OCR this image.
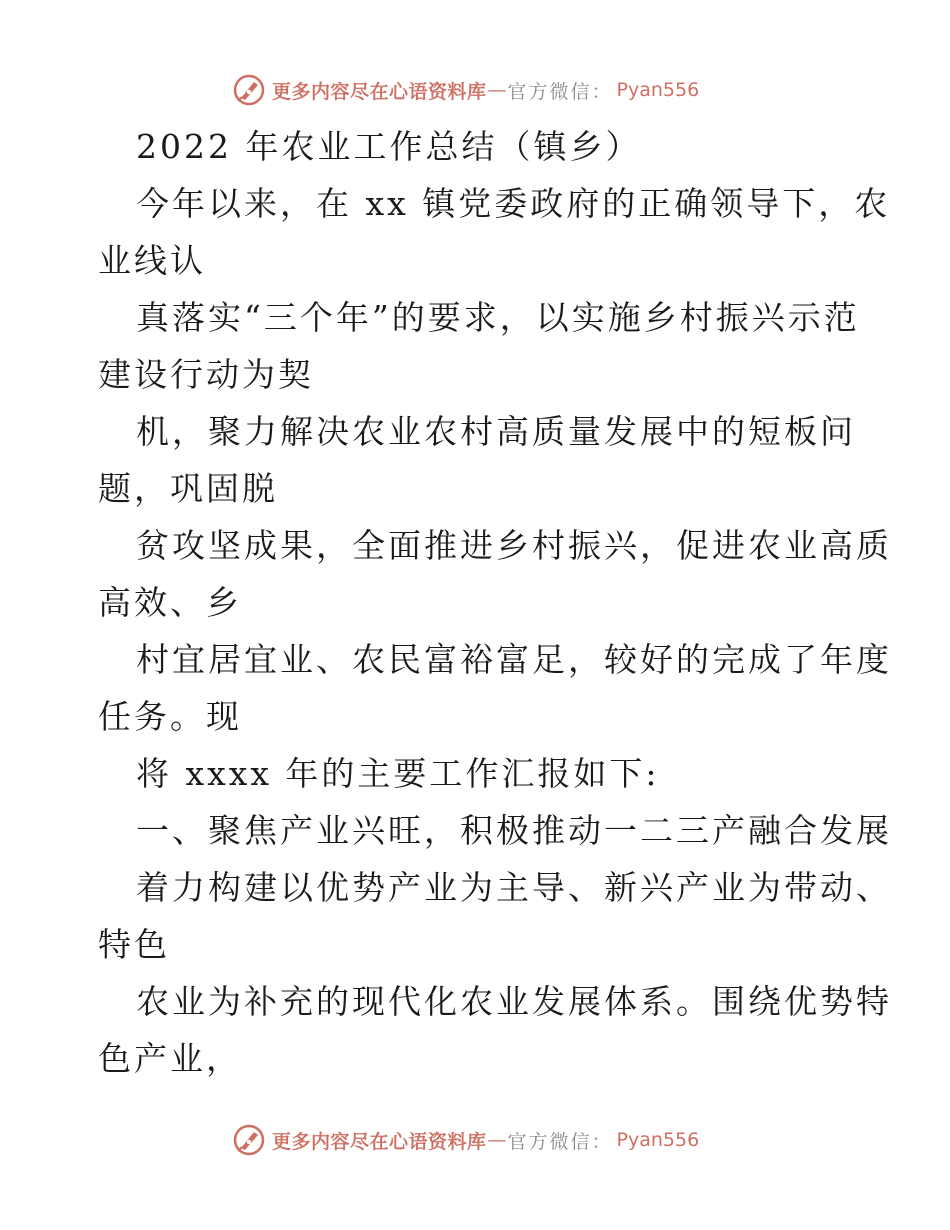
更多内容尽在心语资料库 — 官方微信： Pyan556
2022 年农业工作总结（镇乡）
今年以来，在 xx 镇党委政府的正确领导下，农
业线认
真落实“三个年”的要求，以实施乡村振兴示范
建设行动为契
机，聚力解决农业农村高质量发展中的短板问
题，巩固脱
贫攻坚成果，全面推进乡村振兴，促进农业高质
高效、乡
村宜居宜业、农民富裕富足，较好的完成了年度
任务。现
将 xxxx 年的主要工作汇报如下:
一、聚焦产业兴旺，积极推动一二三产融合发展
着力构建以优势产业为主导、新兴产业为带动、
特色
农业为补充的现代化农业发展体系。围绕优势特
色产业，
更多内容尽在心语资料库 — 官方微信： Pyan556
